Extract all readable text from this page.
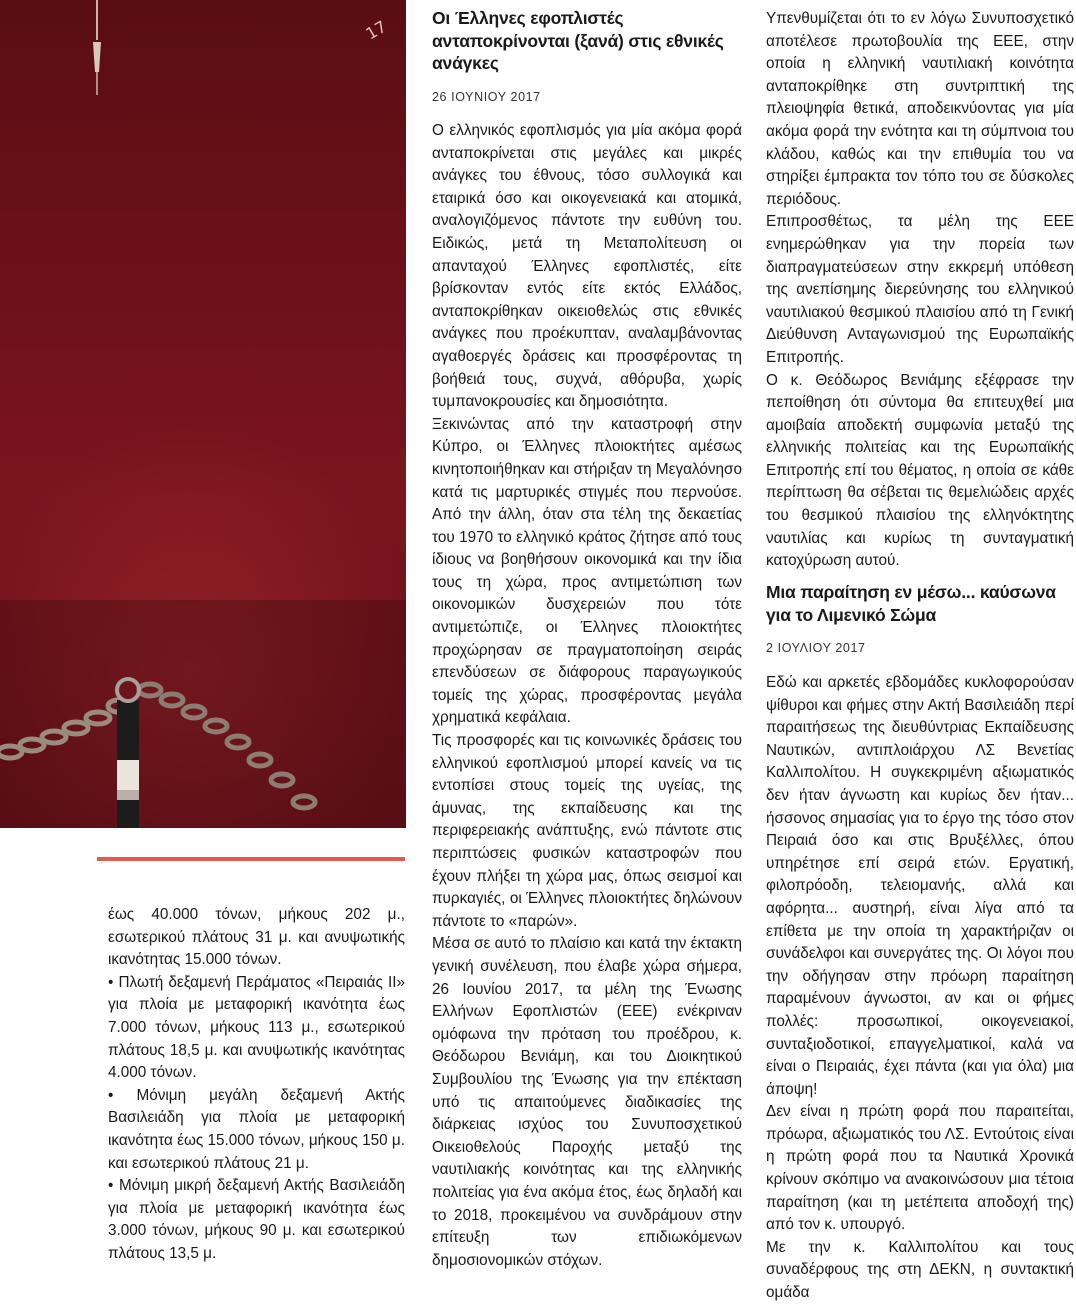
17

έως 40.000 τόνων, μήκους 202 μ., εσωτερικού πλάτους 31 μ. και ανυψωτικής ικανότητας 15.000 τόνων.

• Πλωτή δεξαμενή Περάματος «Πειραιάς ΙΙ» για πλοία με μεταφορική ικανότητα έως 7.000 τόνων, μήκους 113 μ., εσωτερικού πλάτους 18,5 μ. και ανυψωτικής ικανότητας 4.000 τόνων.

• Μόνιμη μεγάλη δεξαμενή Ακτής Βασιλειάδη για πλοία με μεταφορική ικανότητα έως 15.000 τόνων, μήκους 150 μ. και εσωτερικού πλάτους 21 μ.

• Μόνιμη μικρή δεξαμενή Ακτής Βασιλειάδη για πλοία με μεταφορική ικανότητα έως 3.000 τόνων, μήκους 90 μ. και εσωτερικού πλάτους 13,5 μ.

Οι Έλληνες εφοπλιστές ανταποκρίνονται (ξανά) στις εθνικές ανάγκες
26 ΙΟΥΝΙΟΥ 2017

Ο ελληνικός εφοπλισμός για μία ακόμα φορά ανταποκρίνεται στις μεγάλες και μικρές ανάγκες του έθνους, τόσο συλλογικά και εταιρικά όσο και οικογενειακά και ατομικά, αναλογιζόμενος πάντοτε την ευθύνη του. Ειδικώς, μετά τη Μεταπολίτευση οι απανταχού Έλληνες εφοπλιστές, είτε βρίσκονταν εντός είτε εκτός Ελλάδος, ανταποκρίθηκαν οικειοθελώς στις εθνικές ανάγκες που προέκυπταν, αναλαμβάνοντας αγαθοεργές δράσεις και προσφέροντας τη βοήθειά τους, συχνά, αθόρυβα, χωρίς τυμπανοκρουσίες και δημοσιότητα.

Ξεκινώντας από την καταστροφή στην Κύπρο, οι Έλληνες πλοιοκτήτες αμέσως κινητοποιήθηκαν και στήριξαν τη Μεγαλόνησο κατά τις μαρτυρικές στιγμές που περνούσε. Από την άλλη, όταν στα τέλη της δεκαετίας του 1970 το ελληνικό κράτος ζήτησε από τους ίδιους να βοηθήσουν οικονομικά και την ίδια τους τη χώρα, προς αντιμετώπιση των οικονομικών δυσχερειών που τότε αντιμετώπιζε, οι Έλληνες πλοιοκτήτες προχώρησαν σε πραγματοποίηση σειράς επενδύσεων σε διάφορους παραγωγικούς τομείς της χώρας, προσφέροντας μεγάλα χρηματικά κεφάλαια.

Τις προσφορές και τις κοινωνικές δράσεις του ελληνικού εφοπλισμού μπορεί κανείς να τις εντοπίσει στους τομείς της υγείας, της άμυνας, της εκπαίδευσης και της περιφερειακής ανάπτυξης, ενώ πάντοτε στις περιπτώσεις φυσικών καταστροφών που έχουν πλήξει τη χώρα μας, όπως σεισμοί και πυρκαγιές, οι Έλληνες πλοιοκτήτες δηλώνουν πάντοτε το «παρών».

Μέσα σε αυτό το πλαίσιο και κατά την έκτακτη γενική συνέλευση, που έλαβε χώρα σήμερα, 26 Ιουνίου 2017, τα μέλη της Ένωσης Ελλήνων Εφοπλιστών (ΕΕΕ) ενέκριναν ομόφωνα την πρόταση του προέδρου, κ. Θεόδωρου Βενιάμη, και του Διοικητικού Συμβουλίου της Ένωσης για την επέκταση υπό τις απαιτούμενες διαδικασίες της διάρκειας ισχύος του Συνυποσχετικού Οικειοθελούς Παροχής μεταξύ της ναυτιλιακής κοινότητας και της ελληνικής πολιτείας για ένα ακόμα έτος, έως δηλαδή και το 2018, προκειμένου να συνδράμουν στην επίτευξη των επιδιωκόμενων δημοσιονομικών στόχων.

Υπενθυμίζεται ότι το εν λόγω Συνυποσχετικό αποτέλεσε πρωτοβουλία της ΕΕΕ, στην οποία η ελληνική ναυτιλιακή κοινότητα ανταποκρίθηκε στη συντριπτική της πλειοψηφία θετικά, αποδεικνύοντας για μία ακόμα φορά την ενότητα και τη σύμπνοια του κλάδου, καθώς και την επιθυμία του να στηρίξει έμπρακτα τον τόπο του σε δύσκολες περιόδους.

Επιπροσθέτως, τα μέλη της ΕΕΕ ενημερώθηκαν για την πορεία των διαπραγματεύσεων στην εκκρεμή υπόθεση της ανεπίσημης διερεύνησης του ελληνικού ναυτιλιακού θεσμικού πλαισίου από τη Γενική Διεύθυνση Ανταγωνισμού της Ευρωπαϊκής Επιτροπής.

Ο κ. Θεόδωρος Βενιάμης εξέφρασε την πεποίθηση ότι σύντομα θα επιτευχθεί μια αμοιβαία αποδεκτή συμφωνία μεταξύ της ελληνικής πολιτείας και της Ευρωπαϊκής Επιτροπής επί του θέματος, η οποία σε κάθε περίπτωση θα σέβεται τις θεμελιώδεις αρχές του θεσμικού πλαισίου της ελληνόκτητης ναυτιλίας και κυρίως τη συνταγματική κατοχύρωση αυτού.

Μια παραίτηση εν μέσω... καύσωνα για το Λιμενικό Σώμα
2 ΙΟΥΛΙΟΥ 2017

Εδώ και αρκετές εβδομάδες κυκλοφορούσαν ψίθυροι και φήμες στην Ακτή Βασιλειάδη περί παραιτήσεως της διευθύντριας Εκπαίδευσης Ναυτικών, αντιπλοιάρχου ΛΣ Βενετίας Καλλιπολίτου. Η συγκεκριμένη αξιωματικός δεν ήταν άγνωστη και κυρίως δεν ήταν... ήσσονος σημασίας για το έργο της τόσο στον Πειραιά όσο και στις Βρυξέλλες, όπου υπηρέτησε επί σειρά ετών. Εργατική, φιλοπρόοδη, τελειομανής, αλλά και αφόρητα... αυστηρή, είναι λίγα από τα επίθετα με την οποία τη χαρακτήριζαν οι συνάδελφοι και συνεργάτες της. Οι λόγοι που την οδήγησαν στην πρόωρη παραίτηση παραμένουν άγνωστοι, αν και οι φήμες πολλές: προσωπικοί, οικογενειακοί, συνταξιοδοτικοί, επαγγελματικοί, καλά να είναι ο Πειραιάς, έχει πάντα (και για όλα) μια άποψη!

Δεν είναι η πρώτη φορά που παραιτείται, πρόωρα, αξιωματικός του ΛΣ. Εντούτοις είναι η πρώτη φορά που τα Ναυτικά Χρονικά κρίνουν σκόπιμο να ανακοινώσουν μια τέτοια παραίτηση (και τη μετέπειτα αποδοχή της) από τον κ. υπουργό.

Με την κ. Καλλιπολίτου και τους συναδέρφους της στη ΔΕΚΝ, η συντακτική ομάδα
